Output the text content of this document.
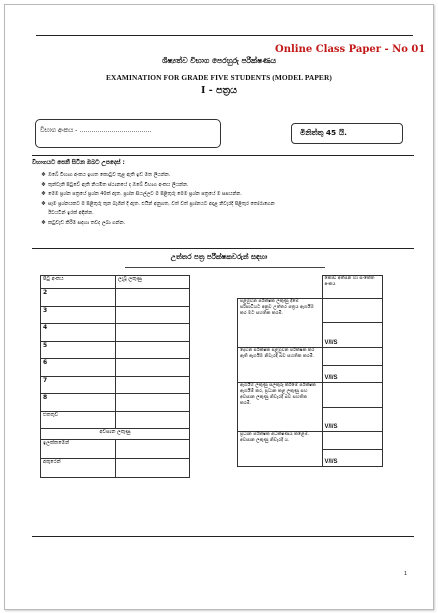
Online Class Paper - No 01
ශිෂ්‍යත්ව විභාග පෙරහුරු පරීක්ෂණය
EXAMINATION FOR GRADE FIVE STUDENTS (MODEL PAPER)
I - පත්‍රය
විභාග අංකය - ....................................	මිනිත්තු 45 යි.
විභාගයට පෙනී සිටින ඔබට උපදෙස් :
❖ ඔබේ විභාග අංකය ඉහත කොටුව තුළ ඇති ඉඩ මත ලියන්න.
❖ තුන්වැනි පිටුවේ ඇති නියමිත ස්ථානයේ ද ඔබේ විභාග අංකය ලියන්න.
❖ මෙම ප්‍රශ්න පත්‍රයේ ප්‍රශ්න 40ක් ඇත. ප්‍රශ්න සියල්ලට ම පිළිතුරු මෙම ප්‍රශ්න පත්‍රයේ ම සපයන්න.
❖ සෑම ප්‍රශ්නයකට ම පිළිතුරු තුන බැගින් දී ඇත. එයින් අනුගත, වත් වත් ප්‍රශ්නයට අදාළ නිවැරදි පිළිතුර තෝරාගෙන
ඊටයටින් ඉරක් අඳින්න.
❖ කටුවැඩ කිරීම සඳහා තවද ලබා ගන්න.
උත්තර පත්‍ර පරීක්ෂකවරුන් සඳහා
පිටු අංකය	ලැබූ ලකුණු
2	
3	
4	
5	
6	
7	
8	
එකතුව	
අවසාන ලකුණු	
ඉලක්කමෙන්	
අකුරෙන්	
	කොඩ් අත්සන හා සංකේත අංකය
පළමුවන පරීක්ෂක ලකුණු දීමේ පරිපාටියට අනුව උත්තර පත්‍රය ඇගයීම කර මට සහතික කරමි.	
	V/I/S
දෙවන පරීක්ෂක පළමුවන පරීක්ෂක කර ඇති ඇගයීම නිවැරදි බව සහතික කරමි.	
	V/I/S
ඇගයීම ලකුණු සලකුරු කිරීමේ පරීක්ෂක ඇගයීම් කර, ප්‍රධාන කළ ලකුණු සහ අවසාන ලකුණු නිවැරදි බව සහතික කරමි.	
	V/I/S
ප්‍රධාන පරීක්ෂක අධීක්ෂණය කළෙමි. අවසාන ලකුණු නිවැරදි ය.	
	V/I/S
1
